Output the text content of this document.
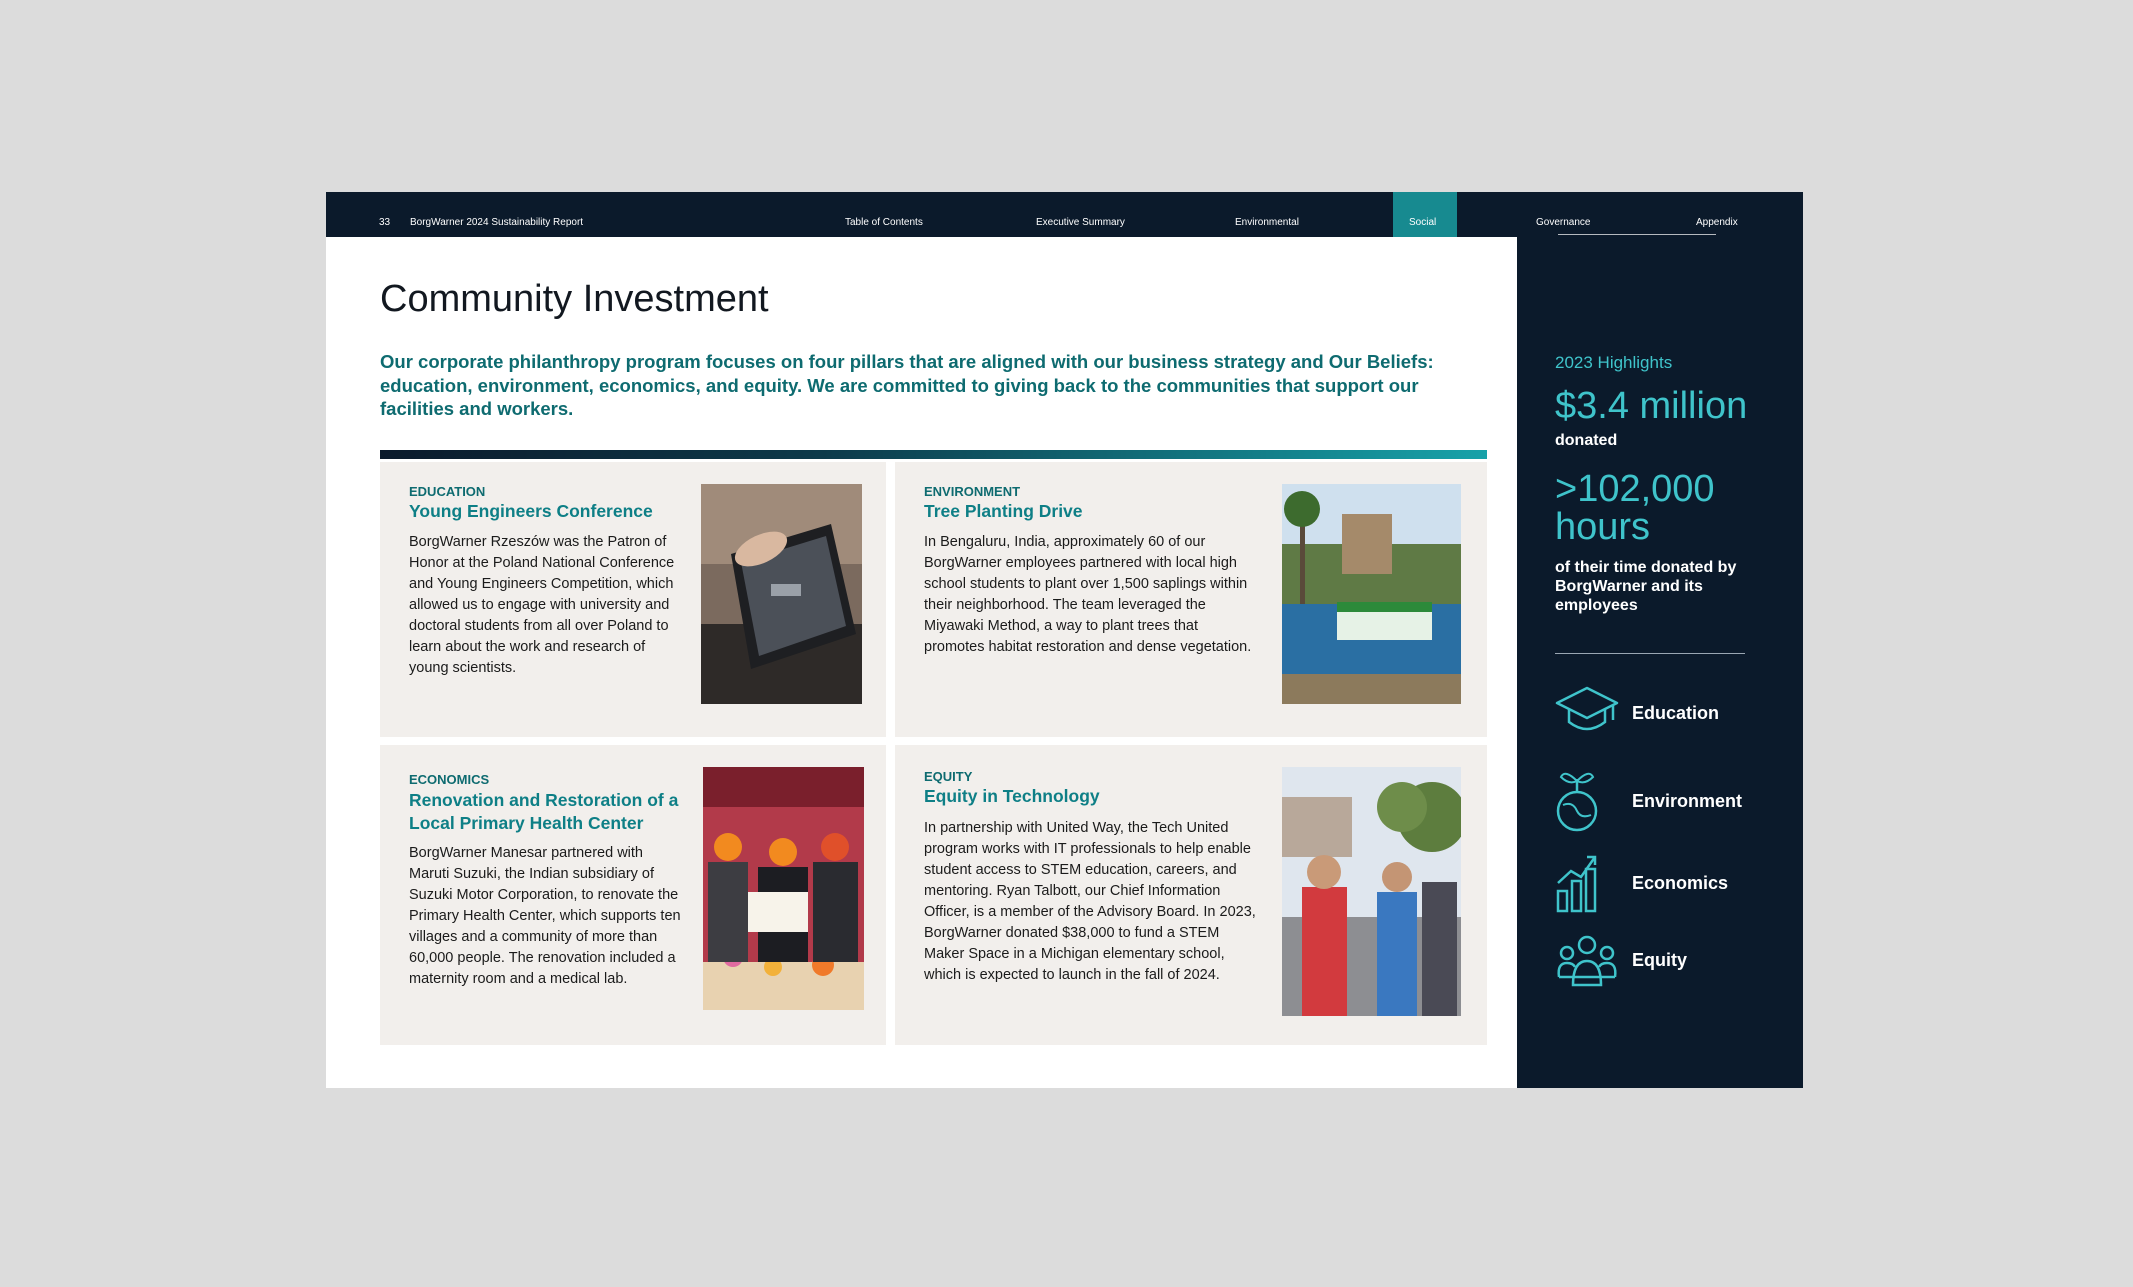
33 BorgWarner 2024 Sustainability Report	Table of Contents	Executive Summary	Environmental	Social	Governance	Appendix
Community Investment
Our corporate philanthropy program focuses on four pillars that are aligned with our business strategy and Our Beliefs: education, environment, economics, and equity. We are committed to giving back to the communities that support our facilities and workers.
EDUCATION
Young Engineers Conference
BorgWarner Rzeszów was the Patron of Honor at the Poland National Conference and Young Engineers Competition, which allowed us to engage with university and doctoral students from all over Poland to learn about the work and research of young scientists.
ENVIRONMENT
Tree Planting Drive
In Bengaluru, India, approximately 60 of our BorgWarner employees partnered with local high school students to plant over 1,500 saplings within their neighborhood. The team leveraged the Miyawaki Method, a way to plant trees that promotes habitat restoration and dense vegetation.
ECONOMICS
Renovation and Restoration of a Local Primary Health Center
BorgWarner Manesar partnered with Maruti Suzuki, the Indian subsidiary of Suzuki Motor Corporation, to renovate the Primary Health Center, which supports ten villages and a community of more than 60,000 people. The renovation included a maternity room and a medical lab.
EQUITY
Equity in Technology
In partnership with United Way, the Tech United program works with IT professionals to help enable student access to STEM education, careers, and mentoring. Ryan Talbott, our Chief Information Officer, is a member of the Advisory Board. In 2023, BorgWarner donated $38,000 to fund a STEM Maker Space in a Michigan elementary school, which is expected to launch in the fall of 2024.
2023 Highlights
$3.4 million
donated
>102,000 hours
of their time donated by BorgWarner and its employees
Education
Environment
Economics
Equity
